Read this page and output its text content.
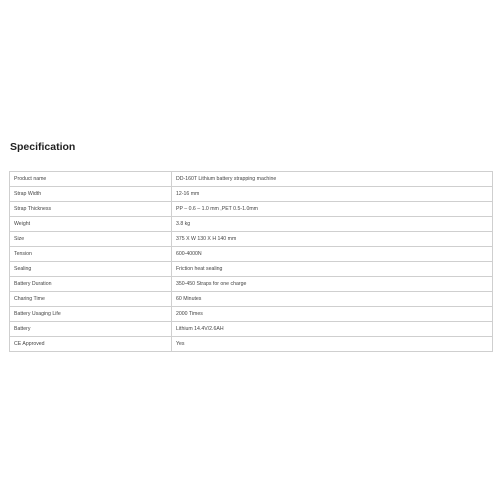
Specification
Product name	DD-160T Lithium battery strapping machine
Strap Width	12-16 mm
Strap Thickness	PP – 0.6 – 1.0 mm ,PET 0.5-1.0mm
Weight	3.8 kg
Size	375 X W 130 X H 140 mm
Tension	600-4000N
Sealing	Friction heat sealing
Battery Duration	350-450 Straps for one charge
Charing Time	60 Minutes
Battery Usaging Life	2000 Times
Battery	Lithium 14.4V/2.6AH
CE Approved	Yes
